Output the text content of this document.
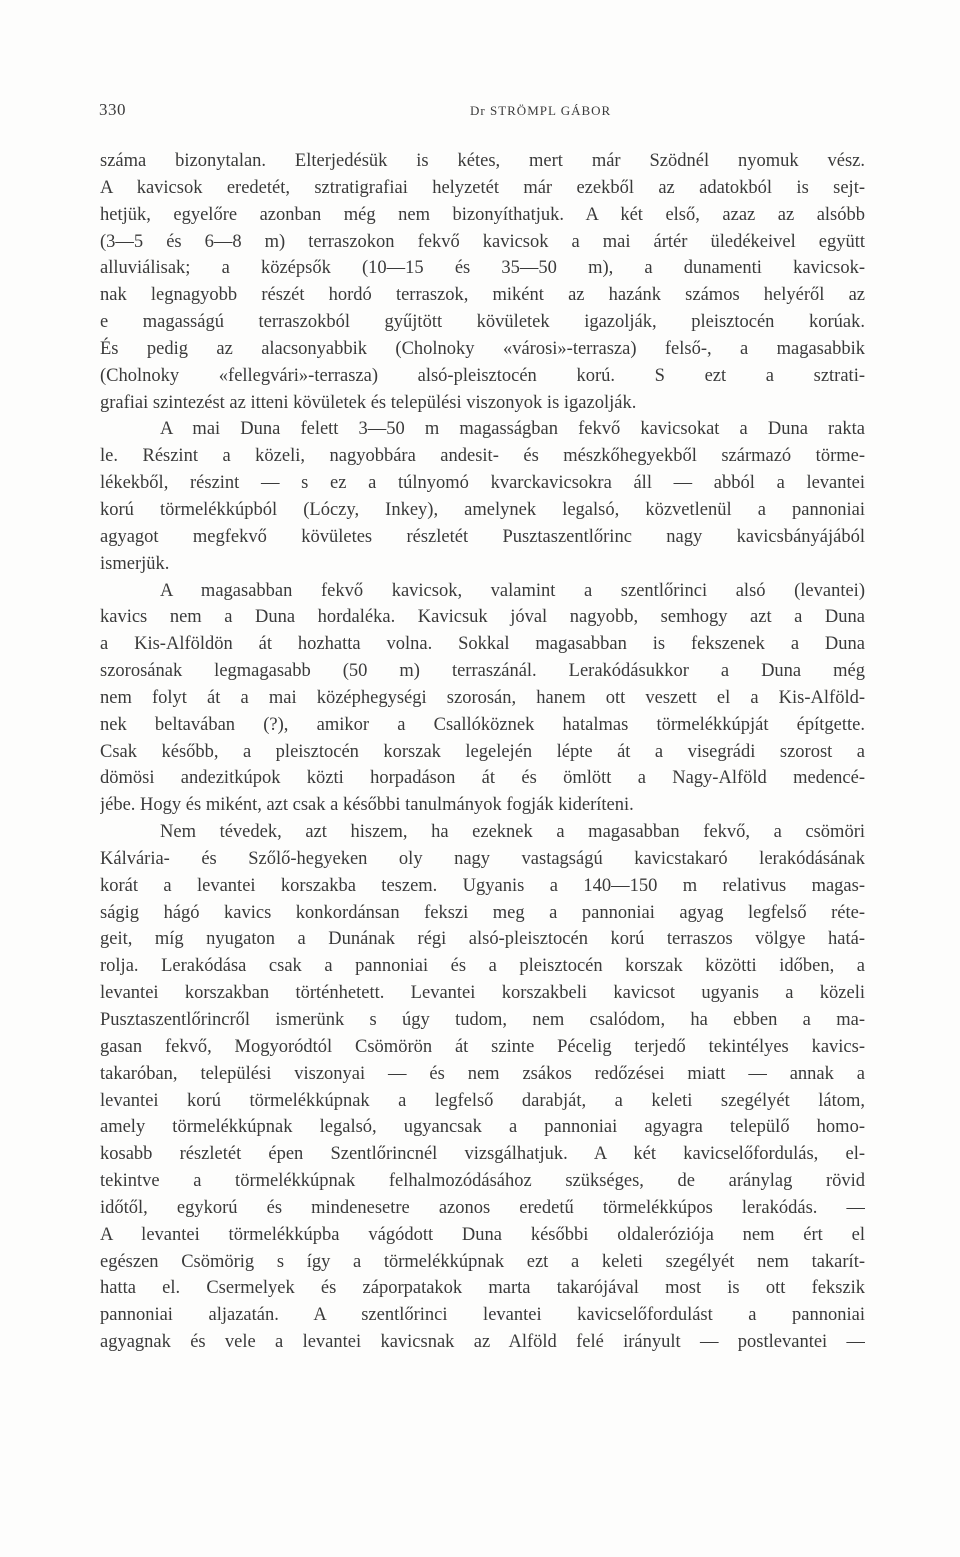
330	Dr STRÖMPL GÁBOR
száma bizonytalan. Elterjedésük is kétes, mert már Szödnél nyomuk vész.
A kavicsok eredetét, sztratigrafiai helyzetét már ezekből az adatokból is sejt-
hetjük, egyelőre azonban még nem bizonyíthatjuk. A két első, azaz az alsóbb
(3—5 és 6—8 m) terraszokon fekvő kavicsok a mai ártér üledékeivel együtt
alluviálisak; a középsők (10—15 és 35—50 m), a dunamenti kavicsok-
nak legnagyobb részét hordó terraszok, miként az hazánk számos helyéről az
e magasságú terraszokból gyűjtött kövületek igazolják, pleisztocén korúak.
És pedig az alacsonyabbik (Cholnoky «városi»-terrasza) felső-, a magasabbik
(Cholnoky «fellegvári»-terrasza) alsó-pleisztocén korú. S ezt a sztrati-
grafiai szintezést az itteni kövületek és települési viszonyok is igazolják.
A mai Duna felett 3—50 m magasságban fekvő kavicsokat a Duna rakta
le. Részint a közeli, nagyobbára andesit- és mészkőhegyekből származó törme-
lékekből, részint — s ez a túlnyomó kvarckavicsokra áll — abból a levantei
korú törmelékkúpból (Lóczy, Inkey), amelynek legalsó, közvetlenül a pannoniai
agyagot megfekvő kövületes részletét Pusztaszentlőrinc nagy kavicsbányájából
ismerjük.
A magasabban fekvő kavicsok, valamint a szentlőrinci alsó (levantei)
kavics nem a Duna hordaléka. Kavicsuk jóval nagyobb, semhogy azt a Duna
a Kis-Alföldön át hozhatta volna. Sokkal magasabban is fekszenek a Duna
szorosának legmagasabb (50 m) terraszánál. Lerakódásukkor a Duna még
nem folyt át a mai középhegységi szorosán, hanem ott veszett el a Kis-Alföld-
nek beltavában (?), amikor a Csallóköznek hatalmas törmelékkúpját építgette.
Csak később, a pleisztocén korszak legelején lépte át a visegrádi szorost a
dömösi andezitkúpok közti horpadáson át és ömlött a Nagy-Alföld medencé-
jébe. Hogy és miként, azt csak a későbbi tanulmányok fogják kideríteni.
Nem tévedek, azt hiszem, ha ezeknek a magasabban fekvő, a csömöri
Kálvária- és Szőlő-hegyeken oly nagy vastagságú kavicstakaró lerakódásának
korát a levantei korszakba teszem. Ugyanis a 140—150 m relativus magas-
ságig hágó kavics konkordánsan fekszi meg a pannoniai agyag legfelső réte-
geit, míg nyugaton a Dunának régi alsó-pleisztocén korú terraszos völgye hatá-
rolja. Lerakódása csak a pannoniai és a pleisztocén korszak közötti időben, a
levantei korszakban történhetett. Levantei korszakbeli kavicsot ugyanis a közeli
Pusztaszentlőrincről ismerünk s úgy tudom, nem csalódom, ha ebben a ma-
gasan fekvő, Mogyoródtól Csömörön át szinte Pécelig terjedő tekintélyes kavics-
takaróban, települési viszonyai — és nem zsákos redőzései miatt — annak a
levantei korú törmelékkúpnak a legfelső darabját, a keleti szegélyét látom,
amely törmelékkúpnak legalsó, ugyancsak a pannoniai agyagra települő homo-
kosabb részletét épen Szentlőrincnél vizsgálhatjuk. A két kavicselőfordulás, el-
tekintve a törmelékkúpnak felhalmozódásához szükséges, de aránylag rövid
időtől, egykorú és mindenesetre azonos eredetű törmelékkúpos lerakódás. —
A levantei törmelékkúpba vágódott Duna későbbi oldaleróziója nem ért el
egészen Csömörig s így a törmelékkúpnak ezt a keleti szegélyét nem takarít-
hatta el. Csermelyek és záporpatakok marta takarójával most is ott fekszik
pannoniai aljazatán. A szentlőrinci levantei kavicselőfordulást a pannoniai
agyagnak és vele a levantei kavicsnak az Alföld felé irányult — postlevantei —
